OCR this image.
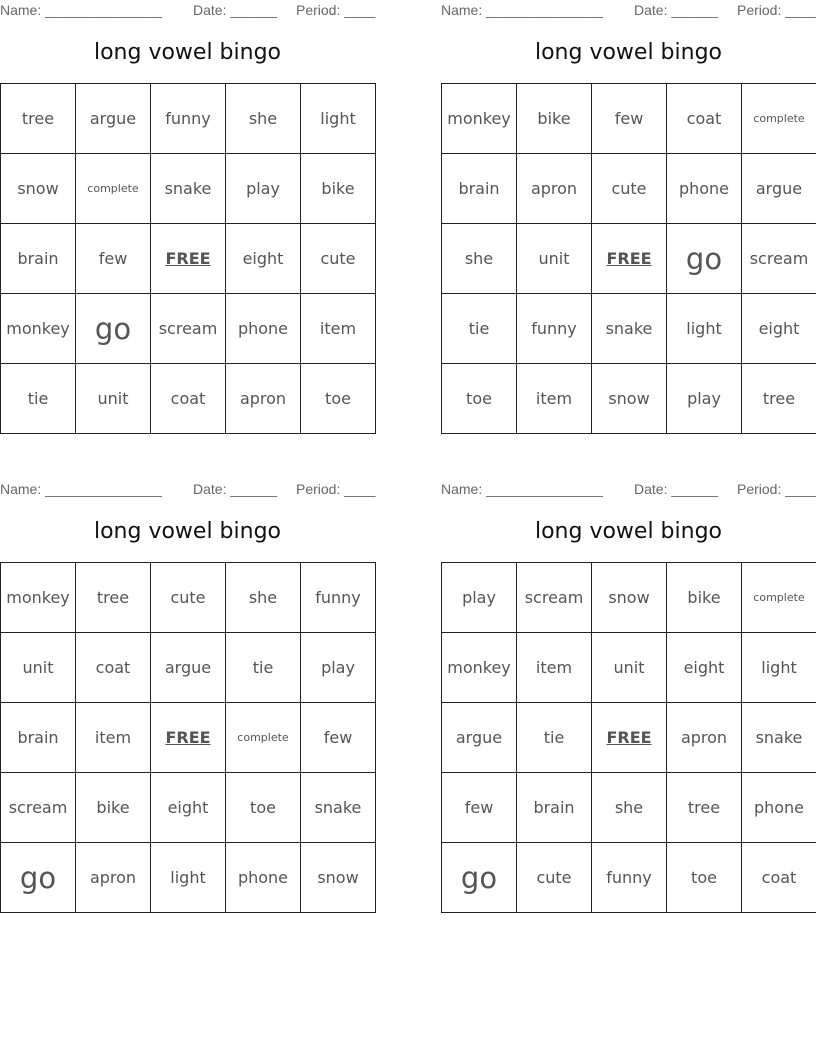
Name: _______________ Date: ______ Period: ____
long vowel bingo
tree	argue	funny	she	light
snow	complete	snake	play	bike
brain	few	FREE	eight	cute
monkey	go	scream	phone	item
tie	unit	coat	apron	toe
Name: _______________ Date: ______ Period: ____
long vowel bingo
monkey	bike	few	coat	complete
brain	apron	cute	phone	argue
she	unit	FREE	go	scream
tie	funny	snake	light	eight
toe	item	snow	play	tree
Name: _______________ Date: ______ Period: ____
long vowel bingo
monkey	tree	cute	she	funny
unit	coat	argue	tie	play
brain	item	FREE	complete	few
scream	bike	eight	toe	snake
go	apron	light	phone	snow
Name: _______________ Date: ______ Period: ____
long vowel bingo
play	scream	snow	bike	complete
monkey	item	unit	eight	light
argue	tie	FREE	apron	snake
few	brain	she	tree	phone
go	cute	funny	toe	coat
